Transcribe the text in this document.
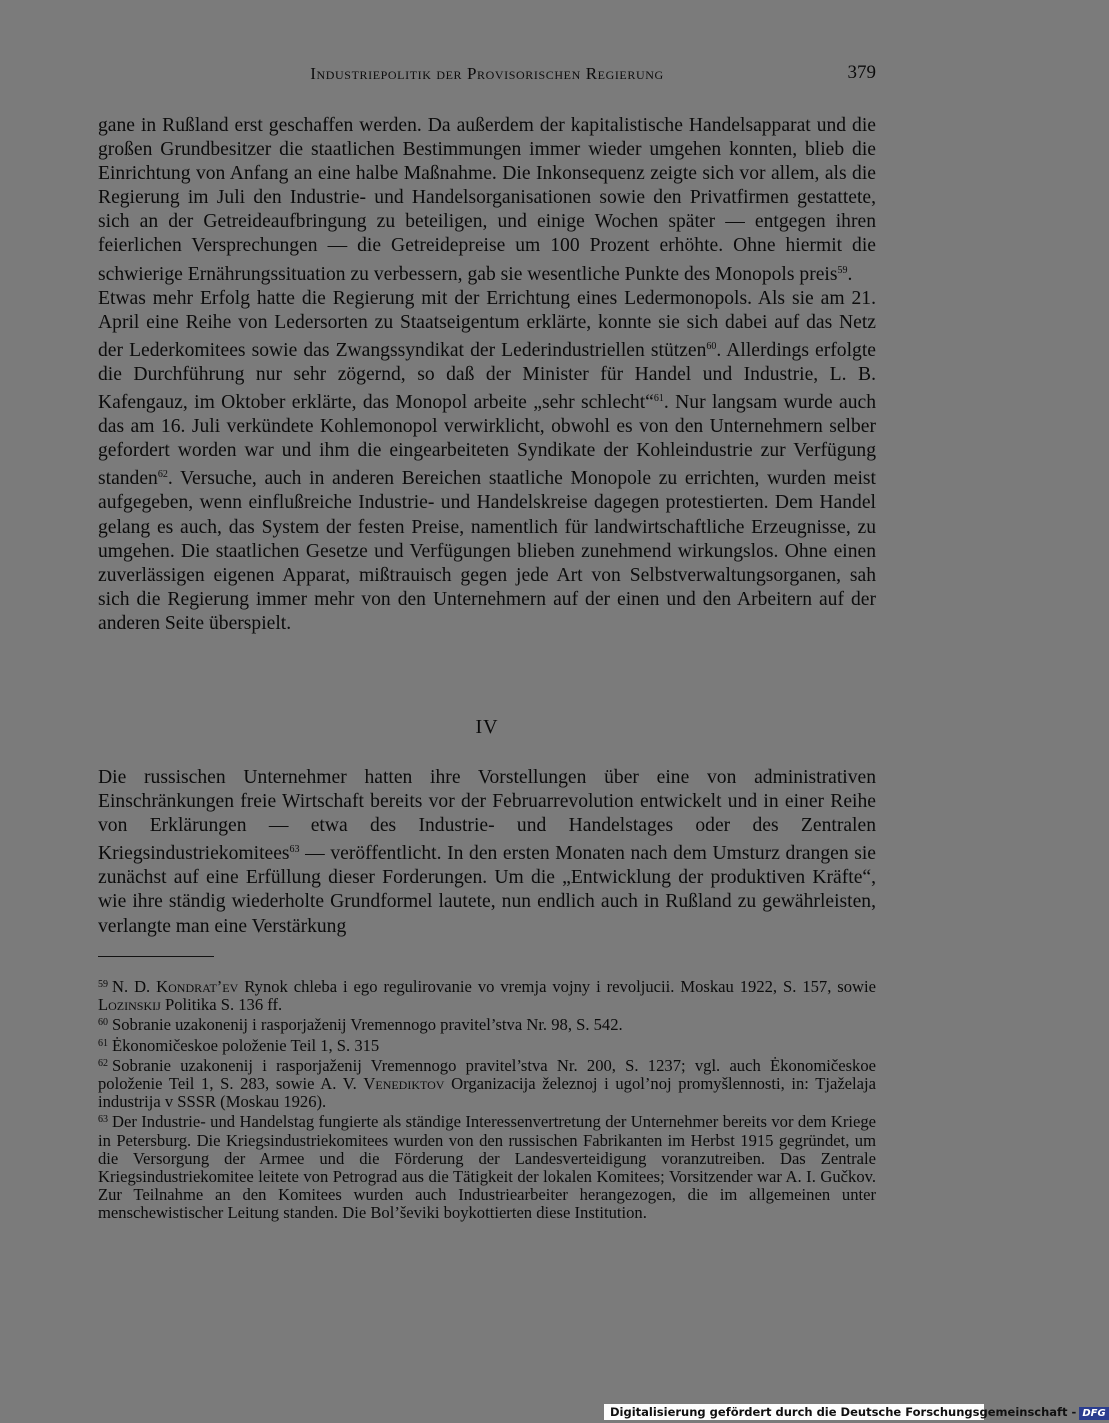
Industriepolitik der Provisorischen Regierung	379

gane in Rußland erst geschaffen werden. Da außerdem der kapitalistische Handelsapparat und die großen Grundbesitzer die staatlichen Bestimmungen immer wieder umgehen konnten, blieb die Einrichtung von Anfang an eine halbe Maßnahme. Die Inkonsequenz zeigte sich vor allem, als die Regierung im Juli den Industrie- und Handelsorganisationen sowie den Privatfirmen gestattete, sich an der Getreideaufbringung zu beteiligen, und einige Wochen später — entgegen ihren feierlichen Versprechungen — die Getreidepreise um 100 Prozent erhöhte. Ohne hiermit die schwierige Ernährungssituation zu verbessern, gab sie wesentliche Punkte des Monopols preis$^{59}$.

Etwas mehr Erfolg hatte die Regierung mit der Errichtung eines Ledermonopols. Als sie am 21. April eine Reihe von Ledersorten zu Staatseigentum erklärte, konnte sie sich dabei auf das Netz der Lederkomitees sowie das Zwangssyndikat der Lederindustriellen stützen$^{60}$. Allerdings erfolgte die Durchführung nur sehr zögernd, so daß der Minister für Handel und Industrie, L. B. Kafengauz, im Oktober erklärte, das Monopol arbeite „sehr schlecht“$^{61}$. Nur langsam wurde auch das am 16. Juli verkündete Kohlemonopol verwirklicht, obwohl es von den Unternehmern selber gefordert worden war und ihm die eingearbeiteten Syndikate der Kohleindustrie zur Verfügung standen$^{62}$. Versuche, auch in anderen Bereichen staatliche Monopole zu errichten, wurden meist aufgegeben, wenn einflußreiche Industrie- und Handelskreise dagegen protestierten. Dem Handel gelang es auch, das System der festen Preise, namentlich für landwirtschaftliche Erzeugnisse, zu umgehen. Die staatlichen Gesetze und Verfügungen blieben zunehmend wirkungslos. Ohne einen zuverlässigen eigenen Apparat, mißtrauisch gegen jede Art von Selbstverwaltungsorganen, sah sich die Regierung immer mehr von den Unternehmern auf der einen und den Arbeitern auf der anderen Seite überspielt.

IV

Die russischen Unternehmer hatten ihre Vorstellungen über eine von administrativen Einschränkungen freie Wirtschaft bereits vor der Februarrevolution entwickelt und in einer Reihe von Erklärungen — etwa des Industrie- und Handelstages oder des Zentralen Kriegsindustriekomitees$^{63}$ — veröffentlicht. In den ersten Monaten nach dem Umsturz drangen sie zunächst auf eine Erfüllung dieser Forderungen. Um die „Entwicklung der produktiven Kräfte“, wie ihre ständig wiederholte Grundformel lautete, nun endlich auch in Rußland zu gewährleisten, verlangte man eine Verstärkung

$^{59}$ N. D. Kondrat’ev Rynok chleba i ego regulirovanie vo vremja vojny i revoljucii. Moskau 1922, S. 157, sowie Lozinskij Politika S. 136 ff.

$^{60}$ Sobranie uzakonenij i rasporjaženij Vremennogo pravitel’stva Nr. 98, S. 542.

$^{61}$ Ėkonomičeskoe položenie Teil 1, S. 315

$^{62}$ Sobranie uzakonenij i rasporjaženij Vremennogo pravitel’stva Nr. 200, S. 1237; vgl. auch Ėkonomičeskoe položenie Teil 1, S. 283, sowie A. V. Venediktov Organizacija železnoj i ugol’noj promyšlennosti, in: Tjaželaja industrija v SSSR (Moskau 1926).

$^{63}$ Der Industrie- und Handelstag fungierte als ständige Interessenvertretung der Unternehmer bereits vor dem Kriege in Petersburg. Die Kriegsindustriekomitees wurden von den russischen Fabrikanten im Herbst 1915 gegründet, um die Versorgung der Armee und die Förderung der Landesverteidigung voranzutreiben. Das Zentrale Kriegsindustriekomitee leitete von Petrograd aus die Tätigkeit der lokalen Komitees; Vorsitzender war A. I. Gučkov. Zur Teilnahme an den Komitees wurden auch Industriearbeiter herangezogen, die im allgemeinen unter menschewistischer Leitung standen. Die Bol’ševiki boykottierten diese Institution.

Digitalisierung gefördert durch die Deutsche Forschungsgemeinschaft - DFG
